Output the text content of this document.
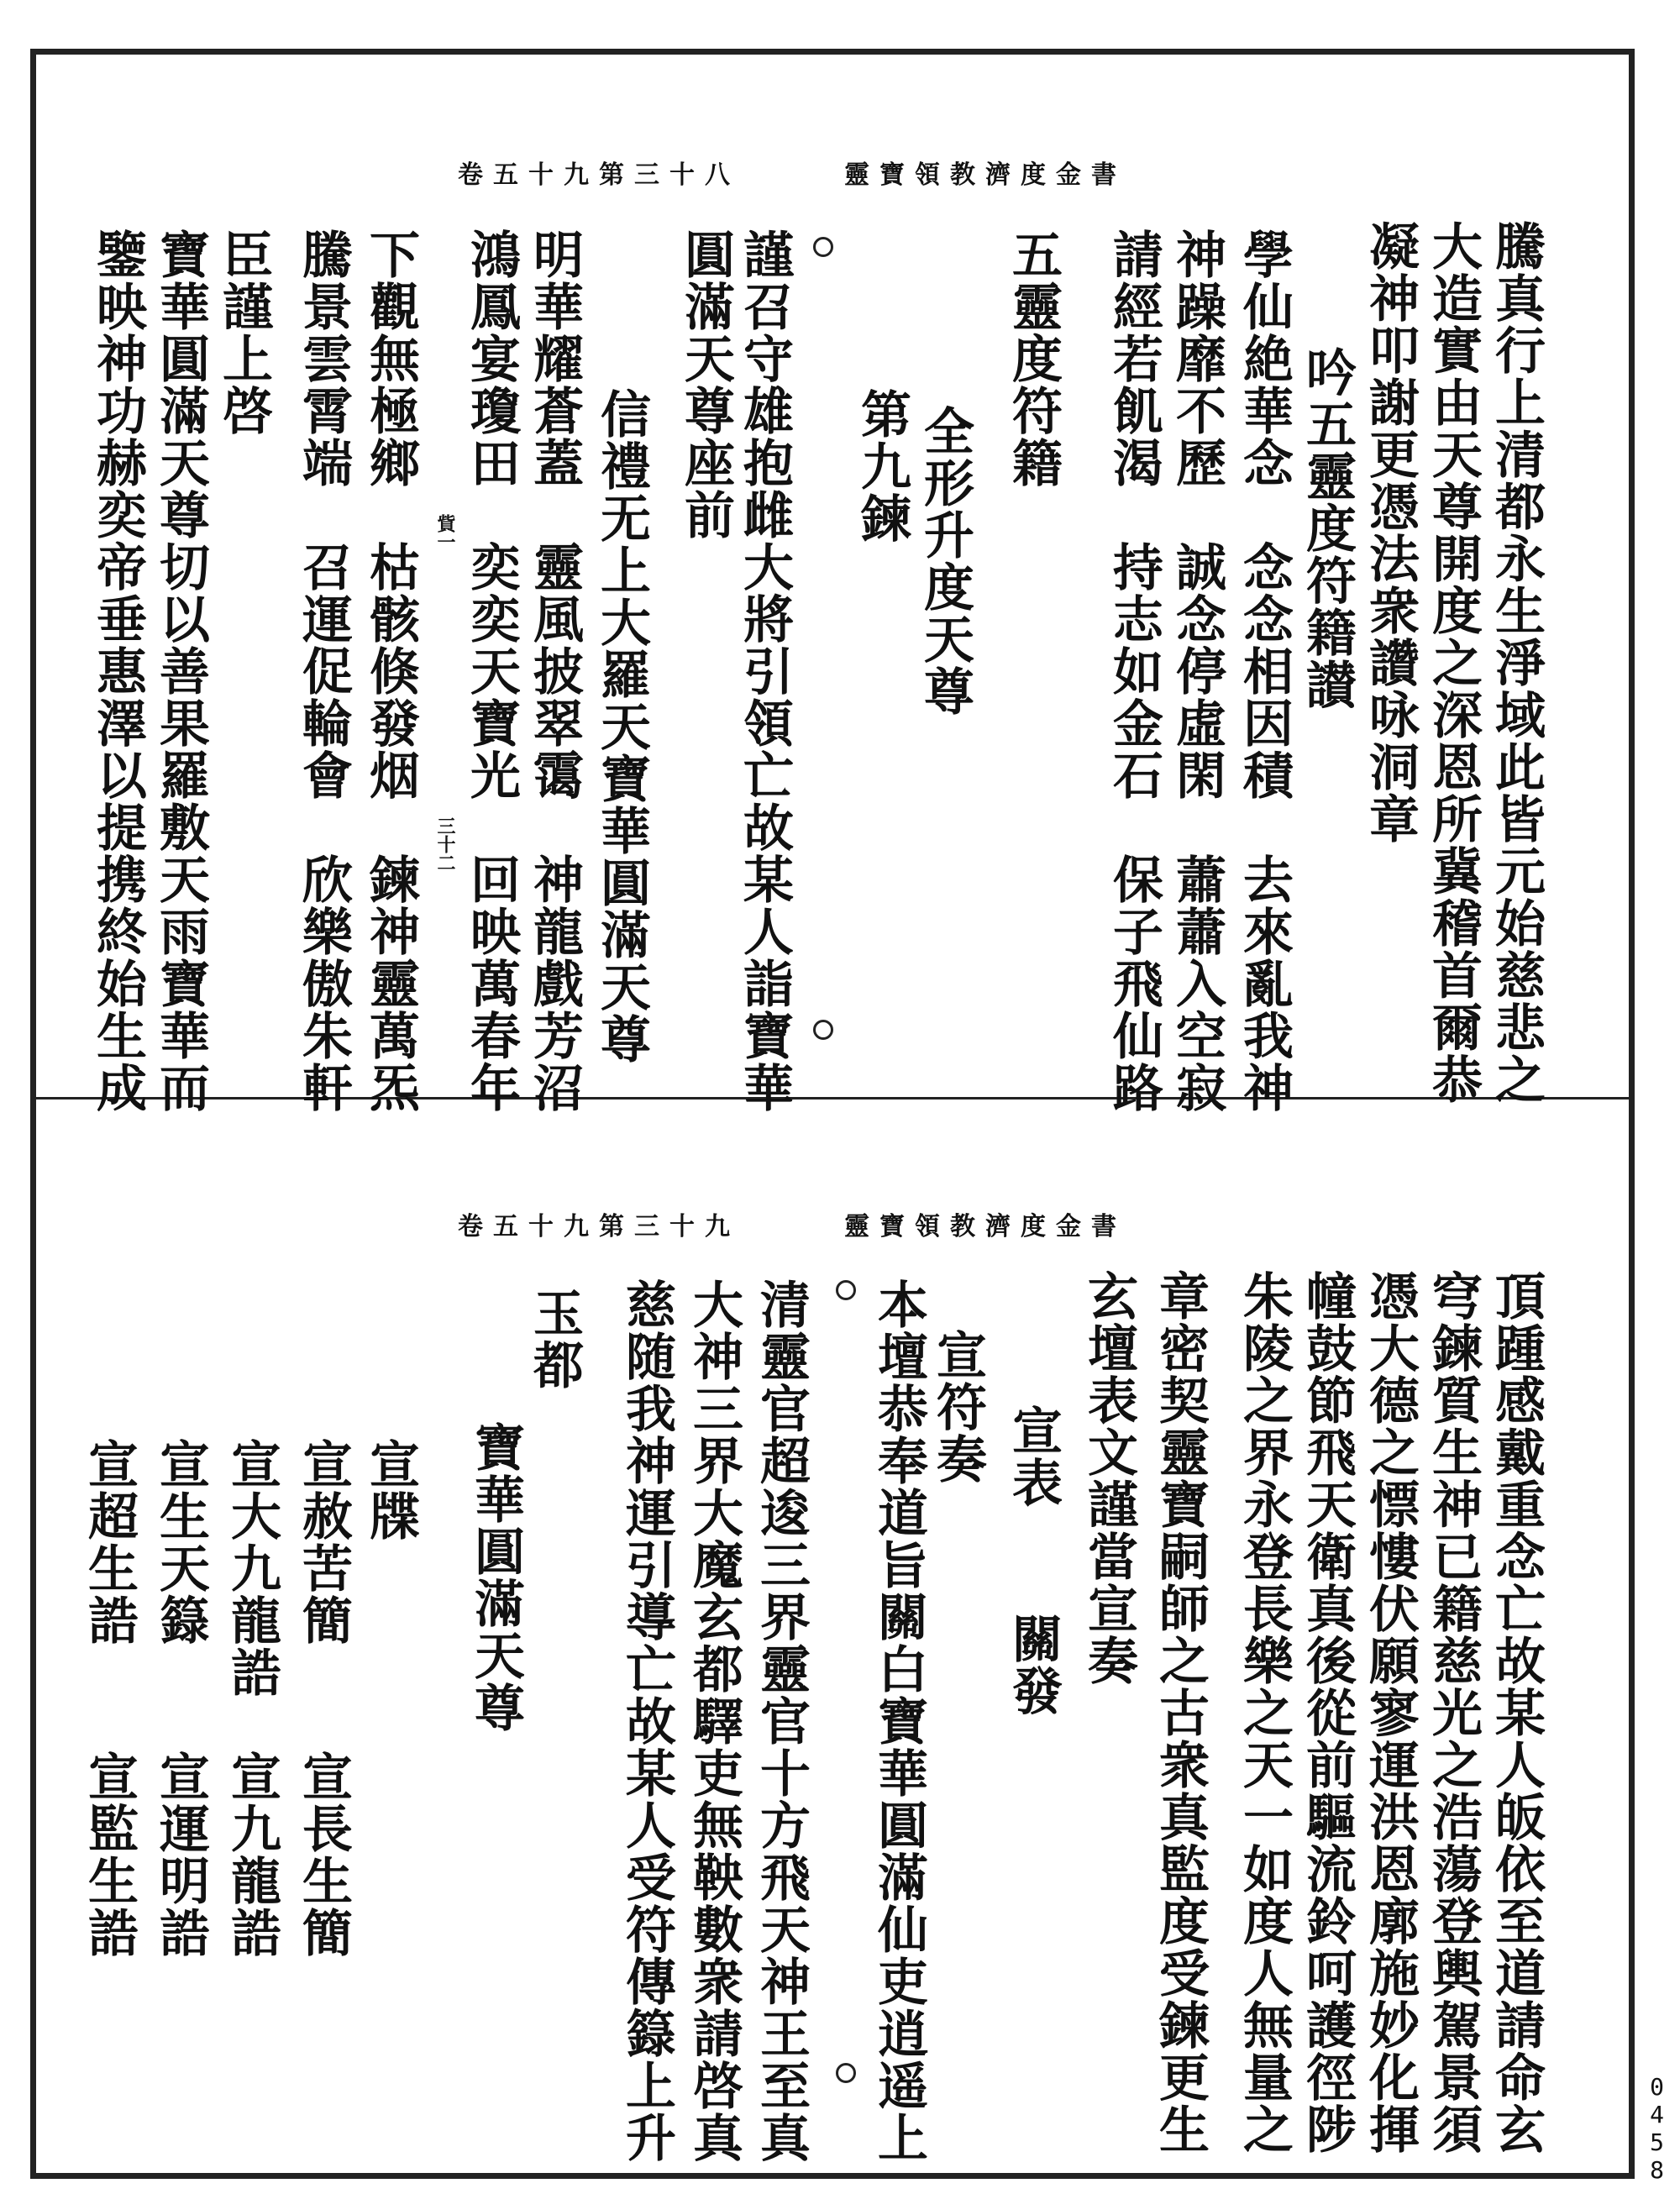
靈寶領教濟度金書
卷五十九第三十八
騰真行上清都永生淨域此皆元始慈悲之
大造實由天尊開度之深恩所冀稽首爾恭
凝神叩謝更憑法衆讚咏洞章
吟五靈度符籍讃
學仙絶華念　念念相因積　去來亂我神
神躁靡不歷　誠念停虛閑　蕭蕭入空寂
請經若飢渴　持志如金石　保子飛仙路
五靈度符籍
全形升度天尊
第九鍊
謹召守雄抱雌大將引領亡故某人詣寶華
圓滿天尊座前
信禮无上大羅天寶華圓滿天尊
明華耀蒼蓋　靈風披翠霭　神龍戲芳沼
鴻鳳宴瓊田　奕奕天寶光　回映萬春年
下觀無極鄉　枯骸倏發烟　鍊神靈萬炁
騰景雲霄端　召運促輪會　欣樂傲朱軒
臣謹上啓
寶華圓滿天尊切以善果羅敷天雨寶華而
鑒映神功赫奕帝垂惠澤以提携終始生成	貲一
三十二
靈寶領教濟度金書
卷五十九第三十九
頂踵感戴重念亡故某人皈依至道請命玄
穹鍊質生神已籍慈光之浩蕩登輿駕景須
憑大德之慓慺伏願寥運洪恩廓施妙化揮
幢鼓節飛天衛真後從前驅流鈴呵護徑陟
朱陵之界永登長樂之天一如度人無量之
章密契靈寶嗣師之古衆真監度受鍊更生
玄壇表文謹當宣奏
宣表　　關發
宣符奏
本壇恭奉道旨關白寶華圓滿仙吏逍遥上
清靈官超逡三界靈官十方飛天神王至真
大神三界大魔玄都驛吏無鞅數衆請啓真
慈随我神運引導亡故某人受符傳籙上升
玉都
寶華圓滿天尊
宣牒
宣赦苦簡　　宣長生簡
宣大九龍誥　宣九龍誥
宣生天籙　　宣運明誥
宣超生誥　　宣監生誥
0458
